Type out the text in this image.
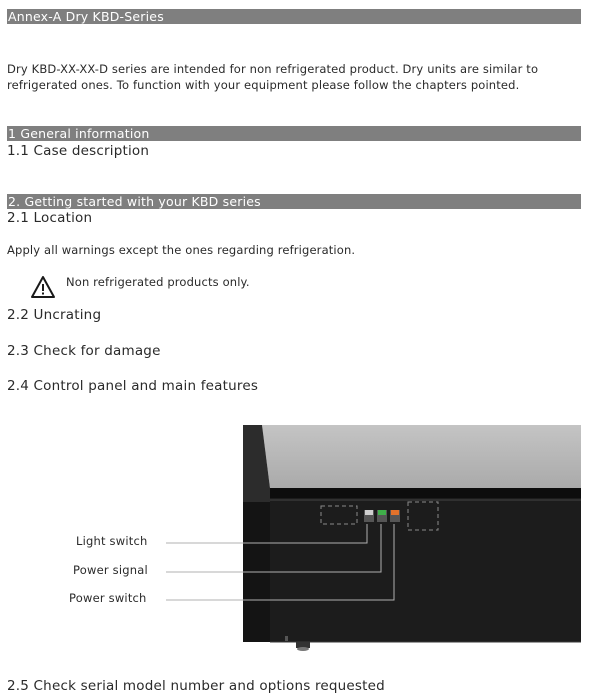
Annex-A Dry KBD-Series
Dry KBD-XX-XX-D series are intended for non refrigerated product. Dry units are similar to refrigerated ones. To function with your equipment please follow the chapters pointed.
1 General information
1.1 Case description
2. Getting started with your KBD series
2.1 Location
Apply all warnings except the ones regarding refrigeration.
Non refrigerated products only.
2.2 Uncrating
2.3 Check for damage
2.4 Control panel and main features
Light switch
Power signal
Power switch
2.5 Check serial model number and options requested
